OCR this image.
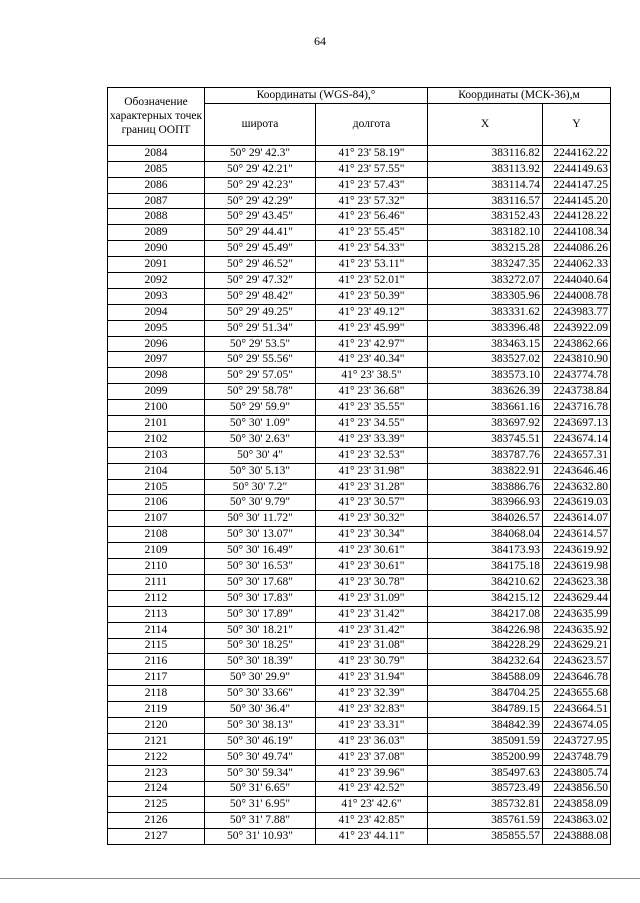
64
Обозначение характерных точек границ ООПТ	Координаты (WGS-84),°		Координаты (МСК-36),м	
	широта	долгота	X	Y
2084	50° 29' 42.3"	41° 23' 58.19"	383116.82	2244162.22
2085	50° 29' 42.21"	41° 23' 57.55"	383113.92	2244149.63
2086	50° 29' 42.23"	41° 23' 57.43"	383114.74	2244147.25
2087	50° 29' 42.29"	41° 23' 57.32"	383116.57	2244145.20
2088	50° 29' 43.45"	41° 23' 56.46"	383152.43	2244128.22
2089	50° 29' 44.41"	41° 23' 55.45"	383182.10	2244108.34
2090	50° 29' 45.49"	41° 23' 54.33"	383215.28	2244086.26
2091	50° 29' 46.52"	41° 23' 53.11"	383247.35	2244062.33
2092	50° 29' 47.32"	41° 23' 52.01"	383272.07	2244040.64
2093	50° 29' 48.42"	41° 23' 50.39"	383305.96	2244008.78
2094	50° 29' 49.25"	41° 23' 49.12"	383331.62	2243983.77
2095	50° 29' 51.34"	41° 23' 45.99"	383396.48	2243922.09
2096	50° 29' 53.5"	41° 23' 42.97"	383463.15	2243862.66
2097	50° 29' 55.56"	41° 23' 40.34"	383527.02	2243810.90
2098	50° 29' 57.05"	41° 23' 38.5"	383573.10	2243774.78
2099	50° 29' 58.78"	41° 23' 36.68"	383626.39	2243738.84
2100	50° 29' 59.9"	41° 23' 35.55"	383661.16	2243716.78
2101	50° 30' 1.09"	41° 23' 34.55"	383697.92	2243697.13
2102	50° 30' 2.63"	41° 23' 33.39"	383745.51	2243674.14
2103	50° 30' 4"	41° 23' 32.53"	383787.76	2243657.31
2104	50° 30' 5.13"	41° 23' 31.98"	383822.91	2243646.46
2105	50° 30' 7.2"	41° 23' 31.28"	383886.76	2243632.80
2106	50° 30' 9.79"	41° 23' 30.57"	383966.93	2243619.03
2107	50° 30' 11.72"	41° 23' 30.32"	384026.57	2243614.07
2108	50° 30' 13.07"	41° 23' 30.34"	384068.04	2243614.57
2109	50° 30' 16.49"	41° 23' 30.61"	384173.93	2243619.92
2110	50° 30' 16.53"	41° 23' 30.61"	384175.18	2243619.98
2111	50° 30' 17.68"	41° 23' 30.78"	384210.62	2243623.38
2112	50° 30' 17.83"	41° 23' 31.09"	384215.12	2243629.44
2113	50° 30' 17.89"	41° 23' 31.42"	384217.08	2243635.99
2114	50° 30' 18.21"	41° 23' 31.42"	384226.98	2243635.92
2115	50° 30' 18.25"	41° 23' 31.08"	384228.29	2243629.21
2116	50° 30' 18.39"	41° 23' 30.79"	384232.64	2243623.57
2117	50° 30' 29.9"	41° 23' 31.94"	384588.09	2243646.78
2118	50° 30' 33.66"	41° 23' 32.39"	384704.25	2243655.68
2119	50° 30' 36.4"	41° 23' 32.83"	384789.15	2243664.51
2120	50° 30' 38.13"	41° 23' 33.31"	384842.39	2243674.05
2121	50° 30' 46.19"	41° 23' 36.03"	385091.59	2243727.95
2122	50° 30' 49.74"	41° 23' 37.08"	385200.99	2243748.79
2123	50° 30' 59.34"	41° 23' 39.96"	385497.63	2243805.74
2124	50° 31' 6.65"	41° 23' 42.52"	385723.49	2243856.50
2125	50° 31' 6.95"	41° 23' 42.6"	385732.81	2243858.09
2126	50° 31' 7.88"	41° 23' 42.85"	385761.59	2243863.02
2127	50° 31' 10.93"	41° 23' 44.11"	385855.57	2243888.08
